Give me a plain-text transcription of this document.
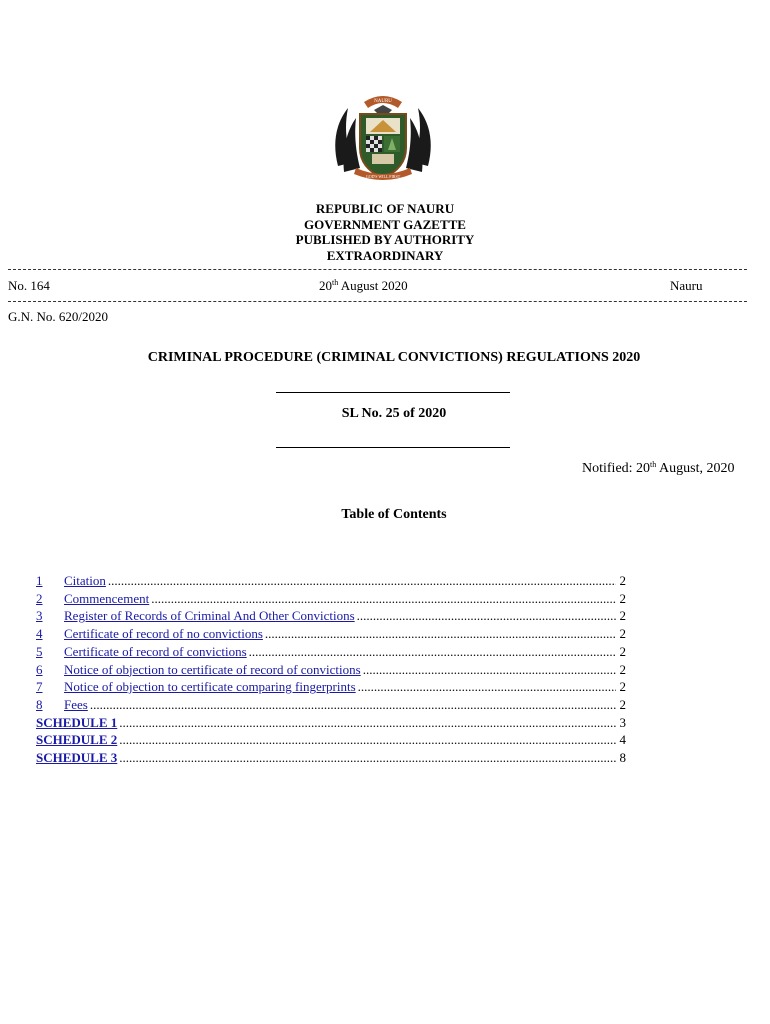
NAURU
GOD'S WILL FIRST
REPUBLIC OF NAURU
GOVERNMENT GAZETTE
PUBLISHED BY AUTHORITY
EXTRAORDINARY
No. 164	20th August 2020	Nauru
G.N. No. 620/2020
CRIMINAL PROCEDURE (CRIMINAL CONVICTIONS) REGULATIONS 2020
SL No. 25 of 2020
Notified: 20th August, 2020
Table of Contents
1	Citation .....	2
2	Commencement .....	2
3	Register of Records of Criminal And Other Convictions .....	2
4	Certificate of record of no convictions .....	2
5	Certificate of record of convictions .....	2
6	Notice of objection to certificate of record of convictions .....	2
7	Notice of objection to certificate comparing fingerprints .....	2
8	Fees .....	2
SCHEDULE 1 .....	3
SCHEDULE 2 .....	4
SCHEDULE 3 .....	8
